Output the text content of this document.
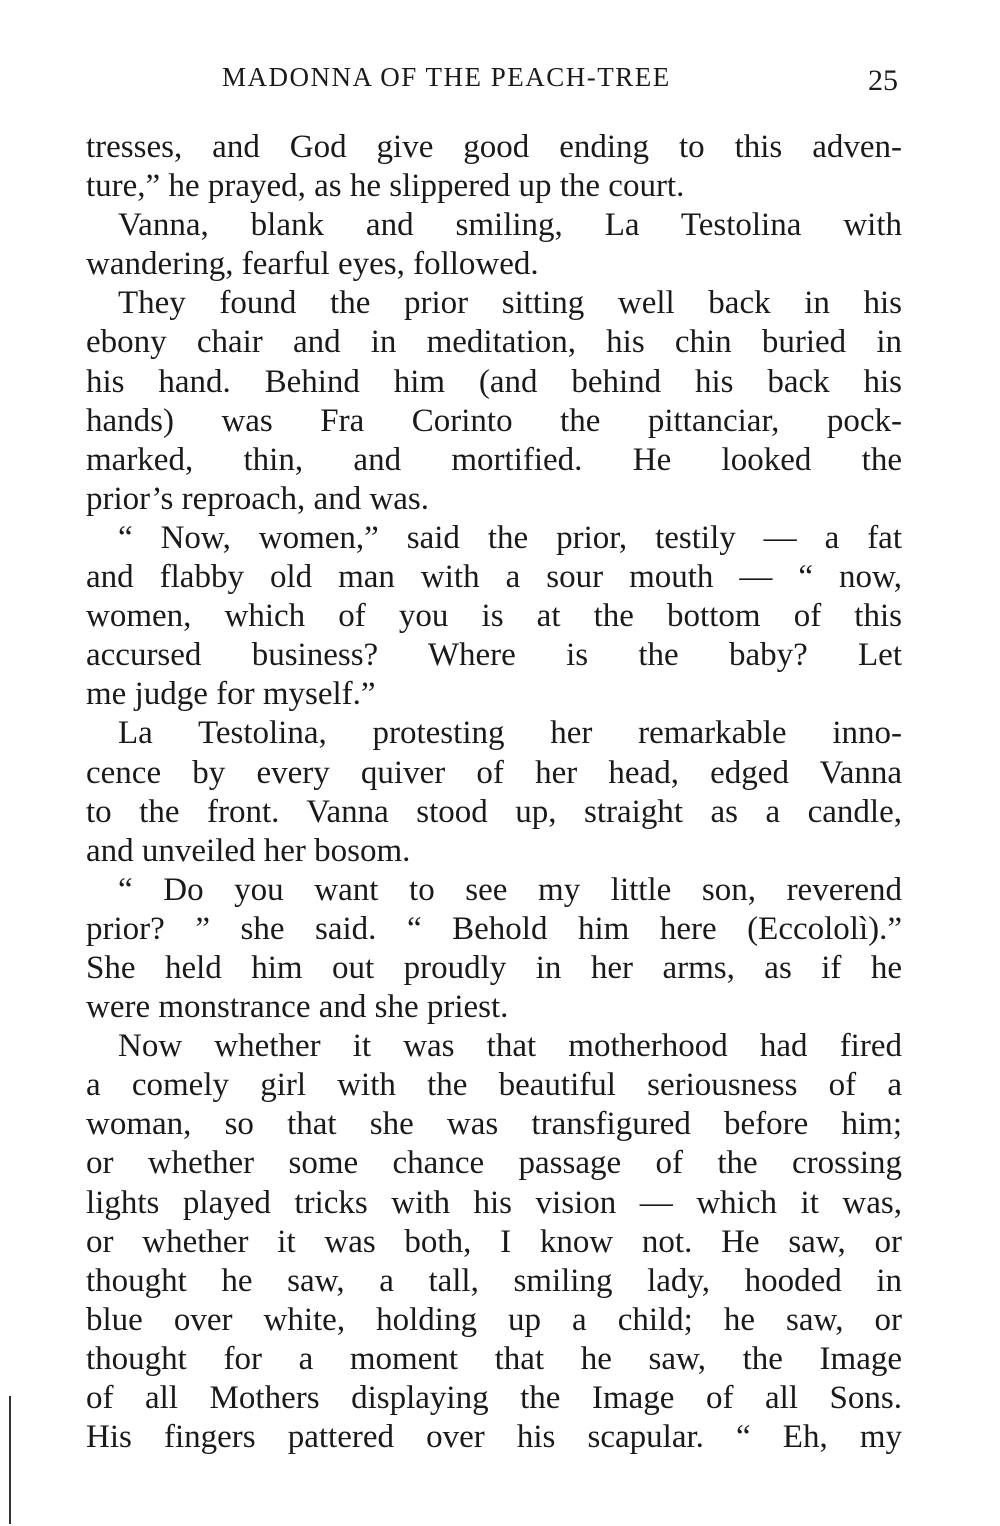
MADONNA OF THE PEACH-TREE	25
tresses, and God give good ending to this adven-
ture,” he prayed, as he slippered up the court.
Vanna, blank and smiling, La Testolina with
wandering, fearful eyes, followed.
They found the prior sitting well back in his
ebony chair and in meditation, his chin buried in
his hand. Behind him (and behind his back his
hands) was Fra Corinto the pittanciar, pock-
marked, thin, and mortified. He looked the
prior’s reproach, and was.
“ Now, women,” said the prior, testily — a fat
and flabby old man with a sour mouth — “ now,
women, which of you is at the bottom of this
accursed business? Where is the baby? Let
me judge for myself.”
La Testolina, protesting her remarkable inno-
cence by every quiver of her head, edged Vanna
to the front. Vanna stood up, straight as a candle,
and unveiled her bosom.
“ Do you want to see my little son, reverend
prior? ” she said. “ Behold him here (Eccololì).”
She held him out proudly in her arms, as if he
were monstrance and she priest.
Now whether it was that motherhood had fired
a comely girl with the beautiful seriousness of a
woman, so that she was transfigured before him;
or whether some chance passage of the crossing
lights played tricks with his vision — which it was,
or whether it was both, I know not. He saw, or
thought he saw, a tall, smiling lady, hooded in
blue over white, holding up a child; he saw, or
thought for a moment that he saw, the Image
of all Mothers displaying the Image of all Sons.
His fingers pattered over his scapular. “ Eh, my
